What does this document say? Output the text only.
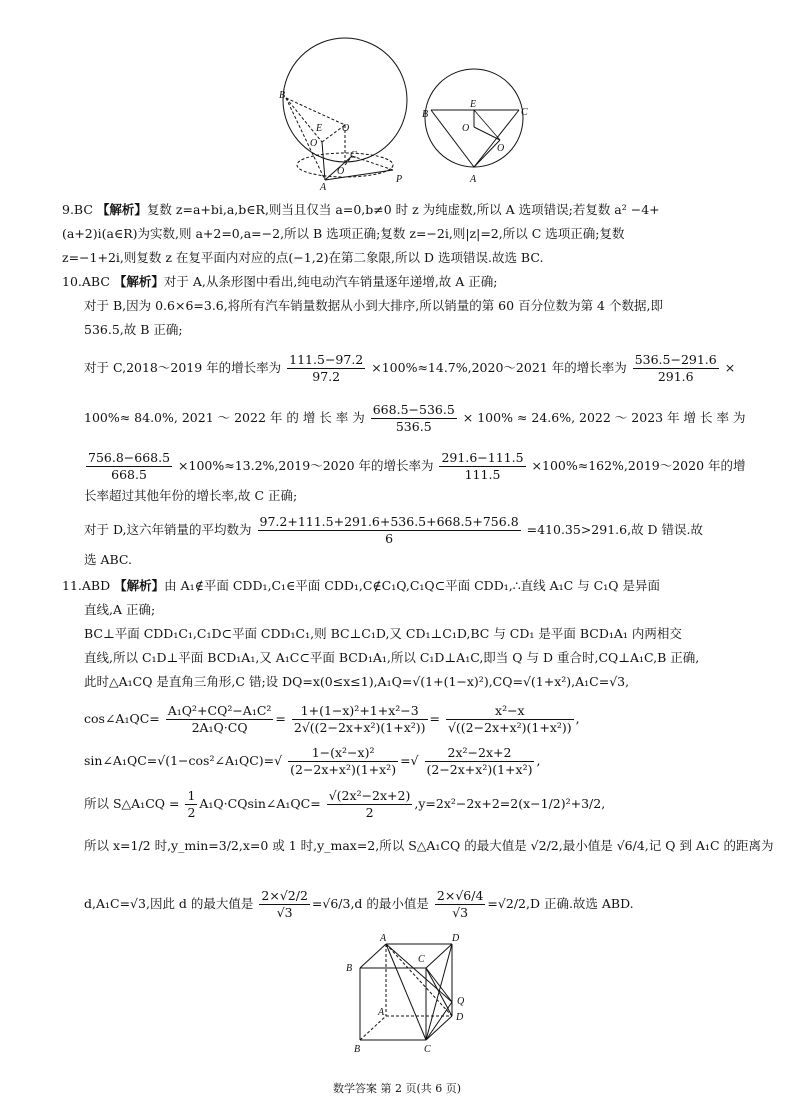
B
E O
O
C
O
A
P
B
E
C
O
O
A
9.BC 【解析】复数 z=a+bi,a,b∈R,则当且仅当 a=0,b≠0 时 z 为纯虚数,所以 A 选项错误;若复数 a² −4+
(a+2)i(a∈R)为实数,则 a+2=0,a=−2,所以 B 选项正确;复数 z=−2i,则|z|=2,所以 C 选项正确;复数
z=−1+2i,则复数 z 在复平面内对应的点(−1,2)在第二象限,所以 D 选项错误.故选 BC.
10.ABC 【解析】对于 A,从条形图中看出,纯电动汽车销量逐年递增,故 A 正确;
对于 B,因为 0.6×6=3.6,将所有汽车销量数据从小到大排序,所以销量的第 60 百分位数为第 4 个数据,即
536.5,故 B 正确;
对于 C,2018～2019 年的增长率为 $\frac{111.5-97.2}{97.2}$ ×100%≈14.7%,2020～2021 年的增长率为 $\frac{536.5-291.6}{291.6}$ ×
100%≈ 84.0%, 2021 ～ 2022 年 的 增 长 率 为 $\frac{668.5-536.5}{536.5} \times 100\% \approx 24.6\%$, 2022 ～ 2023 年 增 长 率 为
$\frac{756.8-668.5}{668.5}$ ×100%≈13.2%,2019～2020 年的增长率为 $\frac{291.6-111.5}{111.5}$ ×100%≈162%,2019～2020 年的增
长率超过其他年份的增长率,故 C 正确;
对于 D,这六年销量的平均数为 $\frac{97.2+111.5+291.6+536.5+668.5+756.8}{6} =410.35>291.6$,故 D 错误.故
选 ABC.
11.ABD 【解析】由 A₁∉平面 CDD₁,C₁∈平面 CDD₁,C∉C₁Q,C₁Q⊂平面 CDD₁,∴直线 A₁C 与 C₁Q 是异面
直线,A 正确;
BC⊥平面 CDD₁C₁,C₁D⊂平面 CDD₁C₁,则 BC⊥C₁D,又 CD₁⊥C₁D,BC 与 CD₁ 是平面 BCD₁A₁ 内两相交
直线,所以 C₁D⊥平面 BCD₁A₁,又 A₁C⊂平面 BCD₁A₁,所以 C₁D⊥A₁C,即当 Q 与 D 重合时,CQ⊥A₁C,B 正确,
此时△A₁CQ 是直角三角形,C 错;设 DQ=x(0≤x≤1),A₁Q=√(1+(1−x)²),CQ=√(1+x²),A₁C=√3,
cos∠A₁QC= $\frac{\text{A₁Q²+CQ²−A₁C²}}{\text{2A₁Q·CQ}} = \frac{\text{1+(1−x)²+1+x²−3}}{\text{2√((2−2x+x²)(1+x²))}} = \frac{\text{x²−x}}{\text{√((2−2x+x²)(1+x²))}}$ ,
sin∠A₁QC=√(1−cos²∠A₁QC)=√ $\frac{\text{1−(x²−x)²}}{\text{(2−2x+x²)(1+x²)}}$ =√ $\frac{\text{2x²−2x+2}}{\text{(2−2x+x²)(1+x²)}}$ ,
所以 S△A₁CQ = $\frac{1}{2}$ A₁Q·CQsin∠A₁QC= $\frac{\text{√(2x²−2x+2)}}{2} ,y=2x^2-2x+2=2(x-1/2)^2+3/2$,
所以 x=1/2 时,y_min=3/2,x=0 或 1 时,y_max=2,所以 S△A₁CQ 的最大值是 √2/2,最小值是 √6/4,记 Q 到 A₁C 的距离为
d,A₁C=√3,因此 d 的最大值是 $\frac{2\times√2/2}{√3} =√6/3,d$ 的最小值是 $\frac{2\times√6/4}{√3} =√2/2,D$ 正确.故选 ABD.
A	D
B
C
Q
A	D
B	C
数学答案 第 2 页(共 6 页)
